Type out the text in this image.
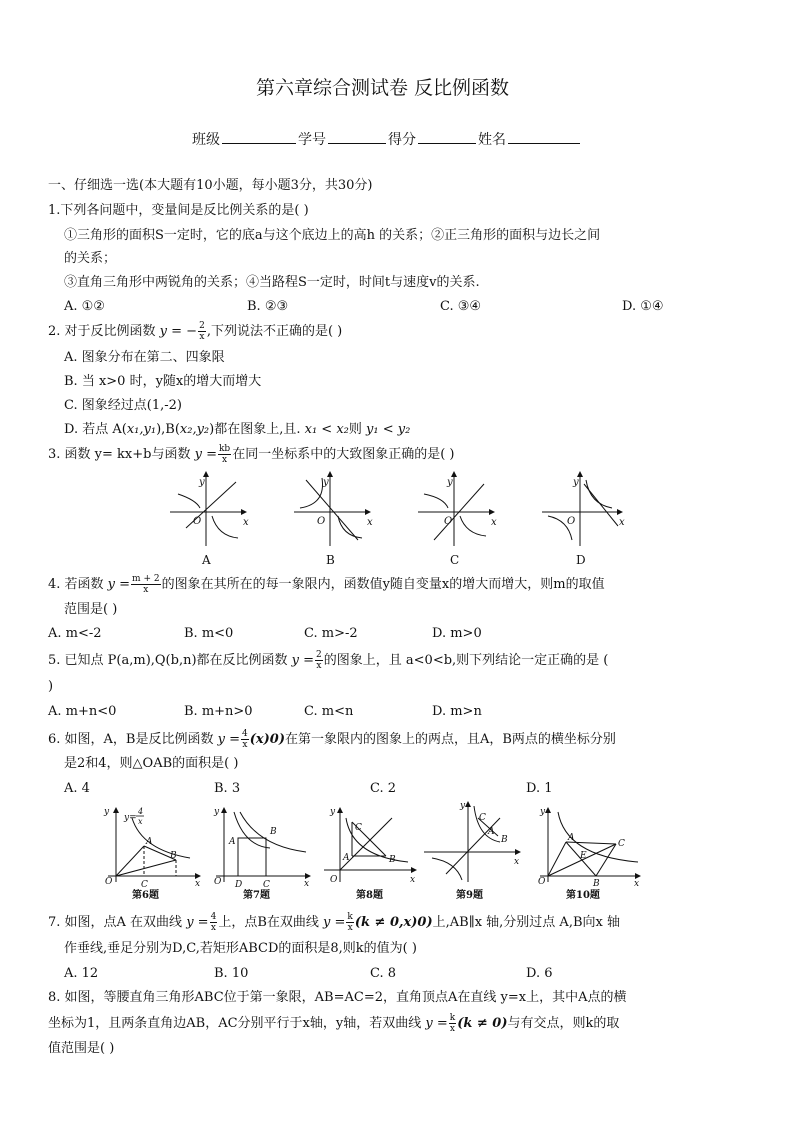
第六章综合测试卷 反比例函数
班级	学号	得分	姓名
一、仔细选一选(本大题有10小题，每小题3分，共30分)
1.下列各问题中，变量间是反比例关系的是( )
①三角形的面积S一定时，它的底a与这个底边上的高h 的关系；②正三角形的面积与边长之间
的关系；
③直角三角形中两锐角的关系；④当路程S一定时，时间t与速度v的关系.
A. ①②	B. ②③	C. ③④	D. ①④
2. 对于反比例函数 y = − $\frac{2}{x}$ ,下列说法不正确的是( )
A. 图象分布在第二、四象限
B. 当 x>0 时，y随x的增大而增大
C. 图象经过点(1,-2)
D. 若点 A(x₁,y₁),B(x₂,y₂)都在图象上,且. x₁ < x₂则 y₁ < y₂
3. 函数 y= kx+b与函数 $y = \frac{kb}{x}$ 在同一坐标系中的大致图象正确的是( )
y
x
O
y
x
O
y
x
O
y
x
O
A	B	C	D
y
y=
4
x
A
B
C
O	x
y
A
B
C
D
O	x
y
A	B
C
O	x
y
C
A
B
x
y
A
C
E
B
O	x
第6题	第7题	第8题	第9题	第10题
4. 若函数 $y = \frac{m + 2}{x}$ 的图象在其所在的每一象限内，函数值y随自变量x的增大而增大，则m的取值
范围是( )
A. m<-2	B. m<0	C. m>-2	D. m>0
5. 已知点 P(a,m),Q(b,n)都在反比例函数 $y = \frac{2}{x}$ 的图象上，且 a<0<b,则下列结论一定正确的是 (
)
A. m+n<0	B. m+n>0	C. m<n	D. m>n
6. 如图，A，B是反比例函数 $y = \frac{4}{x} (x)0$)在第一象限内的图象上的两点，且A，B两点的横坐标分别
是2和4，则△OAB的面积是( )
A. 4	B. 3	C. 2	D. 1
7. 如图，点A 在双曲线 $y = \frac{4}{x}$ 上，点B在双曲线 $y = \frac{k}{x} (k \ne 0,x)0$)上,AB∥x 轴,分别过点 A,B向x 轴
作垂线,垂足分别为D,C,若矩形ABCD的面积是8,则k的值为( )
A. 12	B. 10	C. 8	D. 6
8. 如图，等腰直角三角形ABC位于第一象限，AB=AC=2，直角顶点A在直线 y=x上，其中A点的横
坐标为1，且两条直角边AB，AC分别平行于x轴，y轴，若双曲线 $y = \frac{k}{x} (k \ne 0)$与有交点，则k的取
值范围是( )
